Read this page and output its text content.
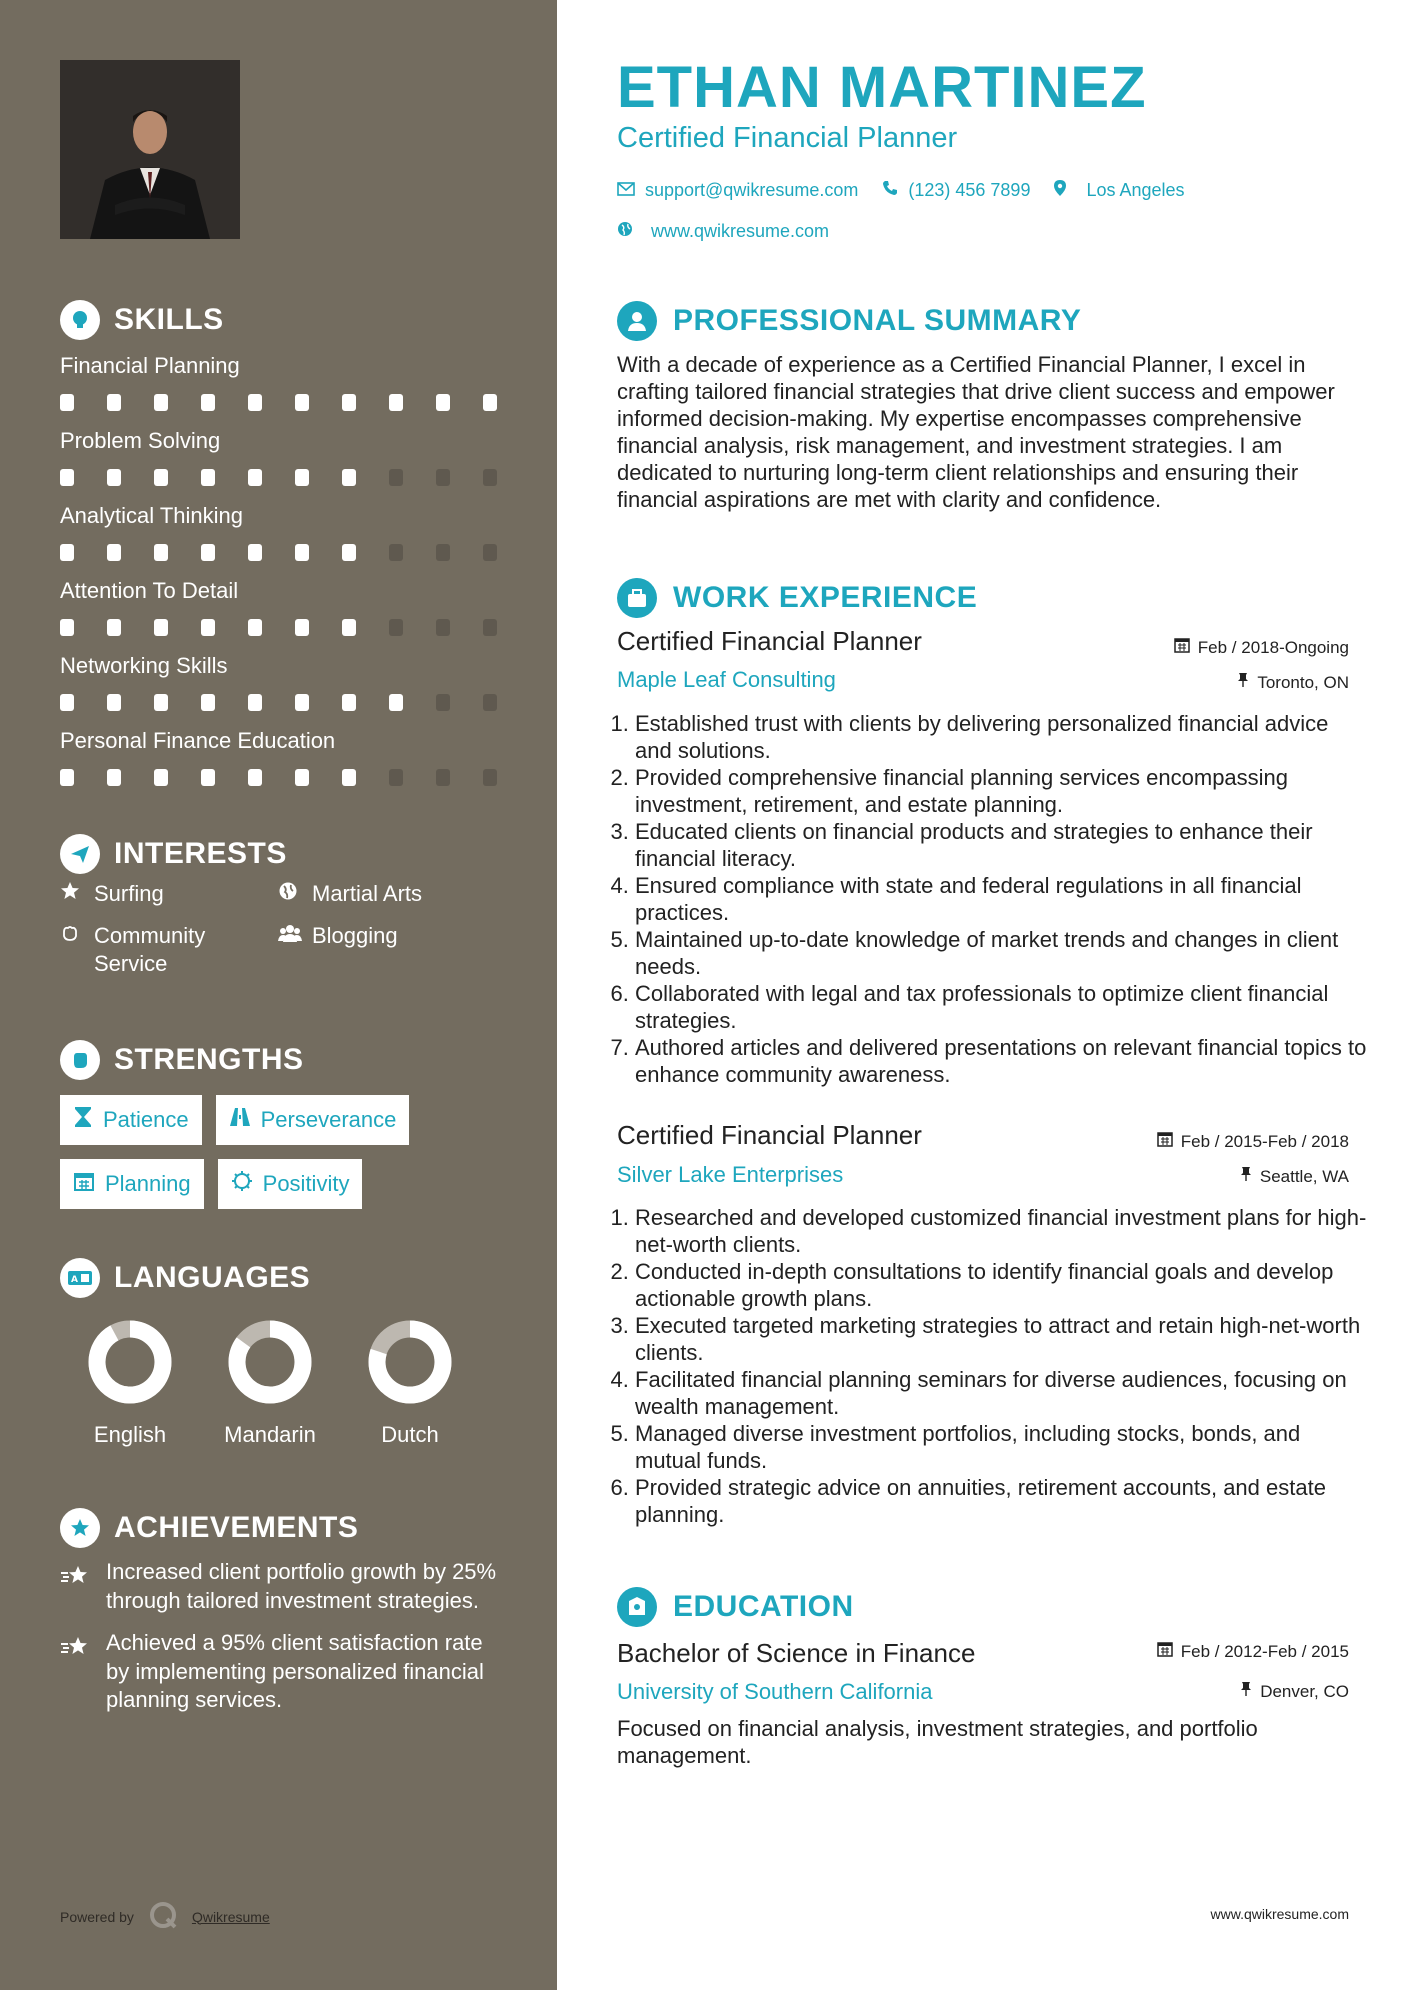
SKILLS
Financial Planning
Problem Solving
Analytical Thinking
Attention To Detail
Networking Skills
Personal Finance Education
INTERESTS
Surfing	Martial Arts
Community Service
Blogging
STRENGTHS
Patience	Perseverance
Planning	Positivity
A LANGUAGES
English	Mandarin	Dutch
ACHIEVEMENTS
Increased client portfolio growth by 25% through tailored investment strategies.
Achieved a 95% client satisfaction rate by implementing personalized financial planning services.
Powered by	Qwikresume
ETHAN MARTINEZ
Certified Financial Planner
support@qwikresume.com	(123) 456 7899	Los Angeles
www.qwikresume.com
PROFESSIONAL SUMMARY
With a decade of experience as a Certified Financial Planner, I excel in crafting tailored financial strategies that drive client success and empower informed decision-making. My expertise encompasses comprehensive financial analysis, risk management, and investment strategies. I am dedicated to nurturing long-term client relationships and ensuring their financial aspirations are met with clarity and confidence.
WORK EXPERIENCE
Certified Financial Planner	Feb / 2018-Ongoing
Maple Leaf Consulting	Toronto, ON
1. Established trust with clients by delivering personalized financial advice and solutions.
2. Provided comprehensive financial planning services encompassing investment, retirement, and estate planning.
3. Educated clients on financial products and strategies to enhance their financial literacy.
4. Ensured compliance with state and federal regulations in all financial practices.
5. Maintained up-to-date knowledge of market trends and changes in client needs.
6. Collaborated with legal and tax professionals to optimize client financial strategies.
7. Authored articles and delivered presentations on relevant financial topics to enhance community awareness.
Certified Financial Planner	Feb / 2015-Feb / 2018
Silver Lake Enterprises	Seattle, WA
1. Researched and developed customized financial investment plans for high-net-worth clients.
2. Conducted in-depth consultations to identify financial goals and develop actionable growth plans.
3. Executed targeted marketing strategies to attract and retain high-net-worth clients.
4. Facilitated financial planning seminars for diverse audiences, focusing on wealth management.
5. Managed diverse investment portfolios, including stocks, bonds, and mutual funds.
6. Provided strategic advice on annuities, retirement accounts, and estate planning.
EDUCATION
Bachelor of Science in Finance	Feb / 2012-Feb / 2015
University of Southern California	Denver, CO
Focused on financial analysis, investment strategies, and portfolio management.
www.qwikresume.com
